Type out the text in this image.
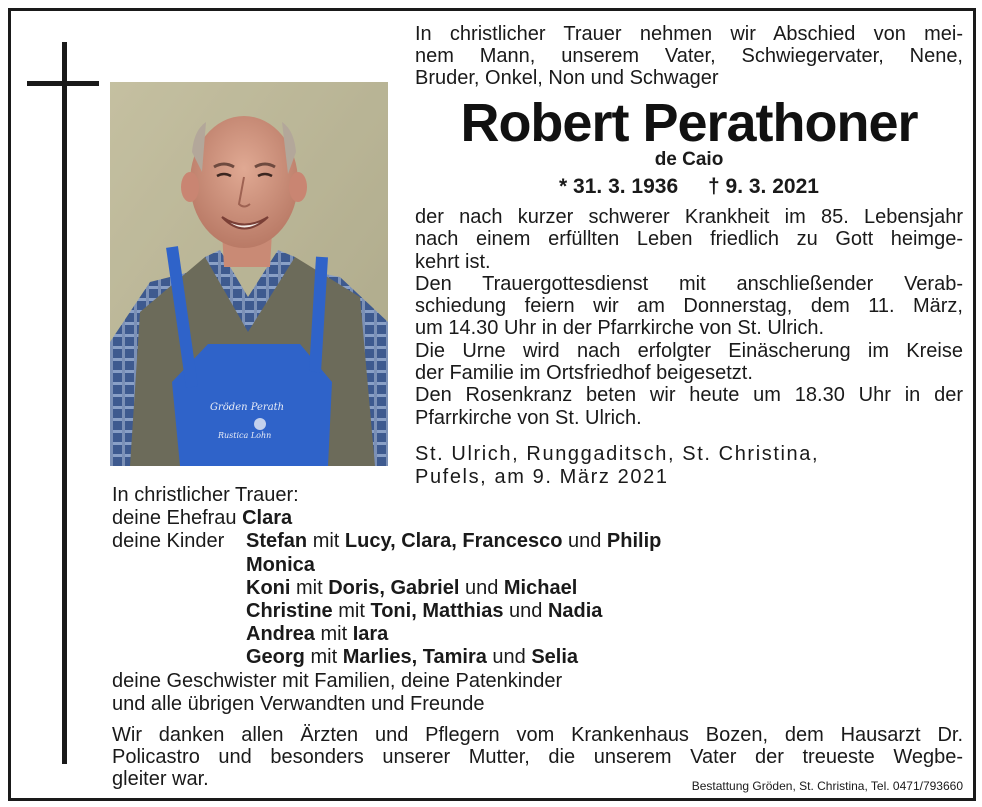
Gröden Perath
Rustica Lohn
In christlicher Trauer nehmen wir Abschied von mei-
nem Mann, unserem Vater, Schwiegervater, Nene,
Bruder, Onkel, Non und Schwager
Robert Perathoner
de Caio
* 31. 3. 1936 † 9. 3. 2021
der nach kurzer schwerer Krankheit im 85. Lebensjahr
nach einem erfüllten Leben friedlich zu Gott heimge-
kehrt ist.
Den Trauergottesdienst mit anschließender Verab-
schiedung feiern wir am Donnerstag, dem 11. März,
um 14.30 Uhr in der Pfarrkirche von St. Ulrich.
Die Urne wird nach erfolgter Einäscherung im Kreise
der Familie im Ortsfriedhof beigesetzt.
Den Rosenkranz beten wir heute um 18.30 Uhr in der
Pfarrkirche von St. Ulrich.
St. Ulrich, Runggaditsch, St. Christina,
Pufels, am 9. März 2021
In christlicher Trauer:
deine Ehefrau Clara
deine Kinder Stefan mit Lucy, Clara, Francesco und Philip
Monica
Koni mit Doris, Gabriel und Michael
Christine mit Toni, Matthias und Nadia
Andrea mit Iara
Georg mit Marlies, Tamira und Selia
deine Geschwister mit Familien, deine Patenkinder
und alle übrigen Verwandten und Freunde
Wir danken allen Ärzten und Pflegern vom Krankenhaus Bozen, dem Hausarzt Dr.
Policastro und besonders unserer Mutter, die unserem Vater der treueste Wegbe-
gleiter war.	Bestattung Gröden, St. Christina, Tel. 0471/793660
